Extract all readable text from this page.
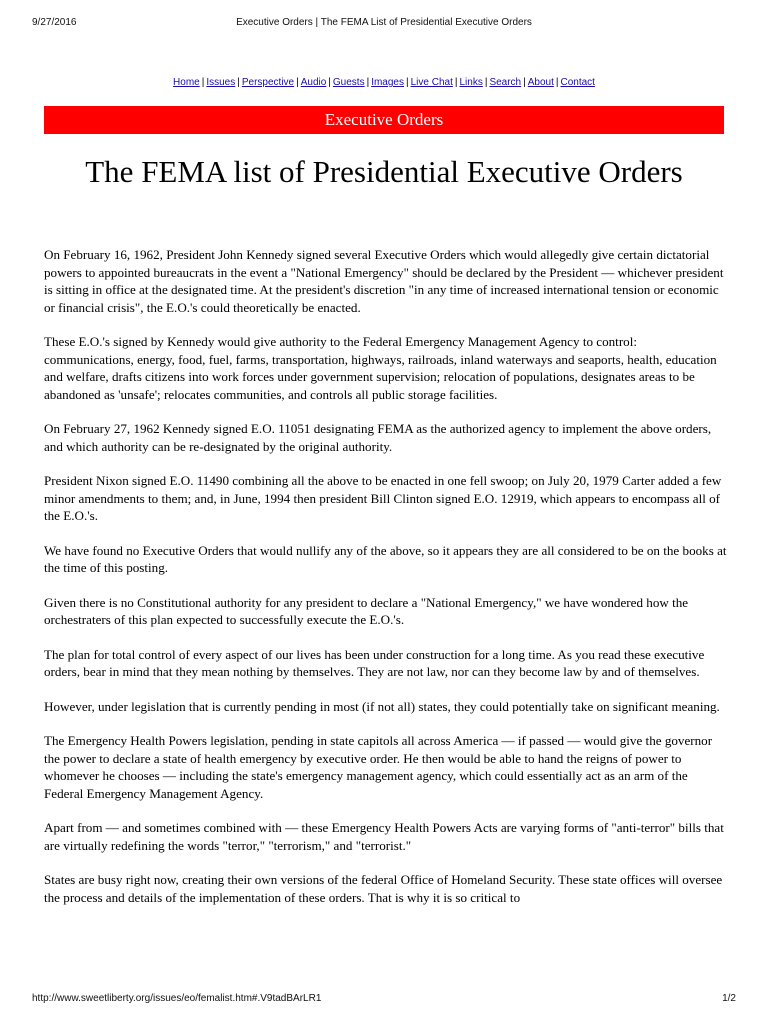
9/27/2016	Executive Orders | The FEMA List of Presidential Executive Orders
Home | Issues | Perspective | Audio | Guests | Images | Live Chat | Links | Search | About | Contact
Executive Orders
The FEMA list of Presidential Executive Orders

On February 16, 1962, President John Kennedy signed several Executive Orders which would allegedly give certain dictatorial powers to appointed bureaucrats in the event a "National Emergency" should be declared by the President — whichever president is sitting in office at the designated time. At the president's discretion "in any time of increased international tension or economic or financial crisis", the E.O.'s could theoretically be enacted.

These E.O.'s signed by Kennedy would give authority to the Federal Emergency Management Agency to control: communications, energy, food, fuel, farms, transportation, highways, railroads, inland waterways and seaports, health, education and welfare, drafts citizens into work forces under government supervision; relocation of populations, designates areas to be abandoned as 'unsafe'; relocates communities, and controls all public storage facilities.

On February 27, 1962 Kennedy signed E.O. 11051 designating FEMA as the authorized agency to implement the above orders, and which authority can be re-designated by the original authority.

President Nixon signed E.O. 11490 combining all the above to be enacted in one fell swoop; on July 20, 1979 Carter added a few minor amendments to them; and, in June, 1994 then president Bill Clinton signed E.O. 12919, which appears to encompass all of the E.O.'s.

We have found no Executive Orders that would nullify any of the above, so it appears they are all considered to be on the books at the time of this posting.

Given there is no Constitutional authority for any president to declare a "National Emergency," we have wondered how the orchestraters of this plan expected to successfully execute the E.O.'s.

The plan for total control of every aspect of our lives has been under construction for a long time. As you read these executive orders, bear in mind that they mean nothing by themselves. They are not law, nor can they become law by and of themselves.

However, under legislation that is currently pending in most (if not all) states, they could potentially take on significant meaning.

The Emergency Health Powers legislation, pending in state capitols all across America — if passed — would give the governor the power to declare a state of health emergency by executive order. He then would be able to hand the reigns of power to whomever he chooses — including the state's emergency management agency, which could essentially act as an arm of the Federal Emergency Management Agency.

Apart from — and sometimes combined with — these Emergency Health Powers Acts are varying forms of "anti-terror" bills that are virtually redefining the words "terror," "terrorism," and "terrorist."

States are busy right now, creating their own versions of the federal Office of Homeland Security. These state offices will oversee the process and details of the implementation of these orders. That is why it is so critical to

http://www.sweetliberty.org/issues/eo/femalist.htm#.V9tadBArLR1	1/2
